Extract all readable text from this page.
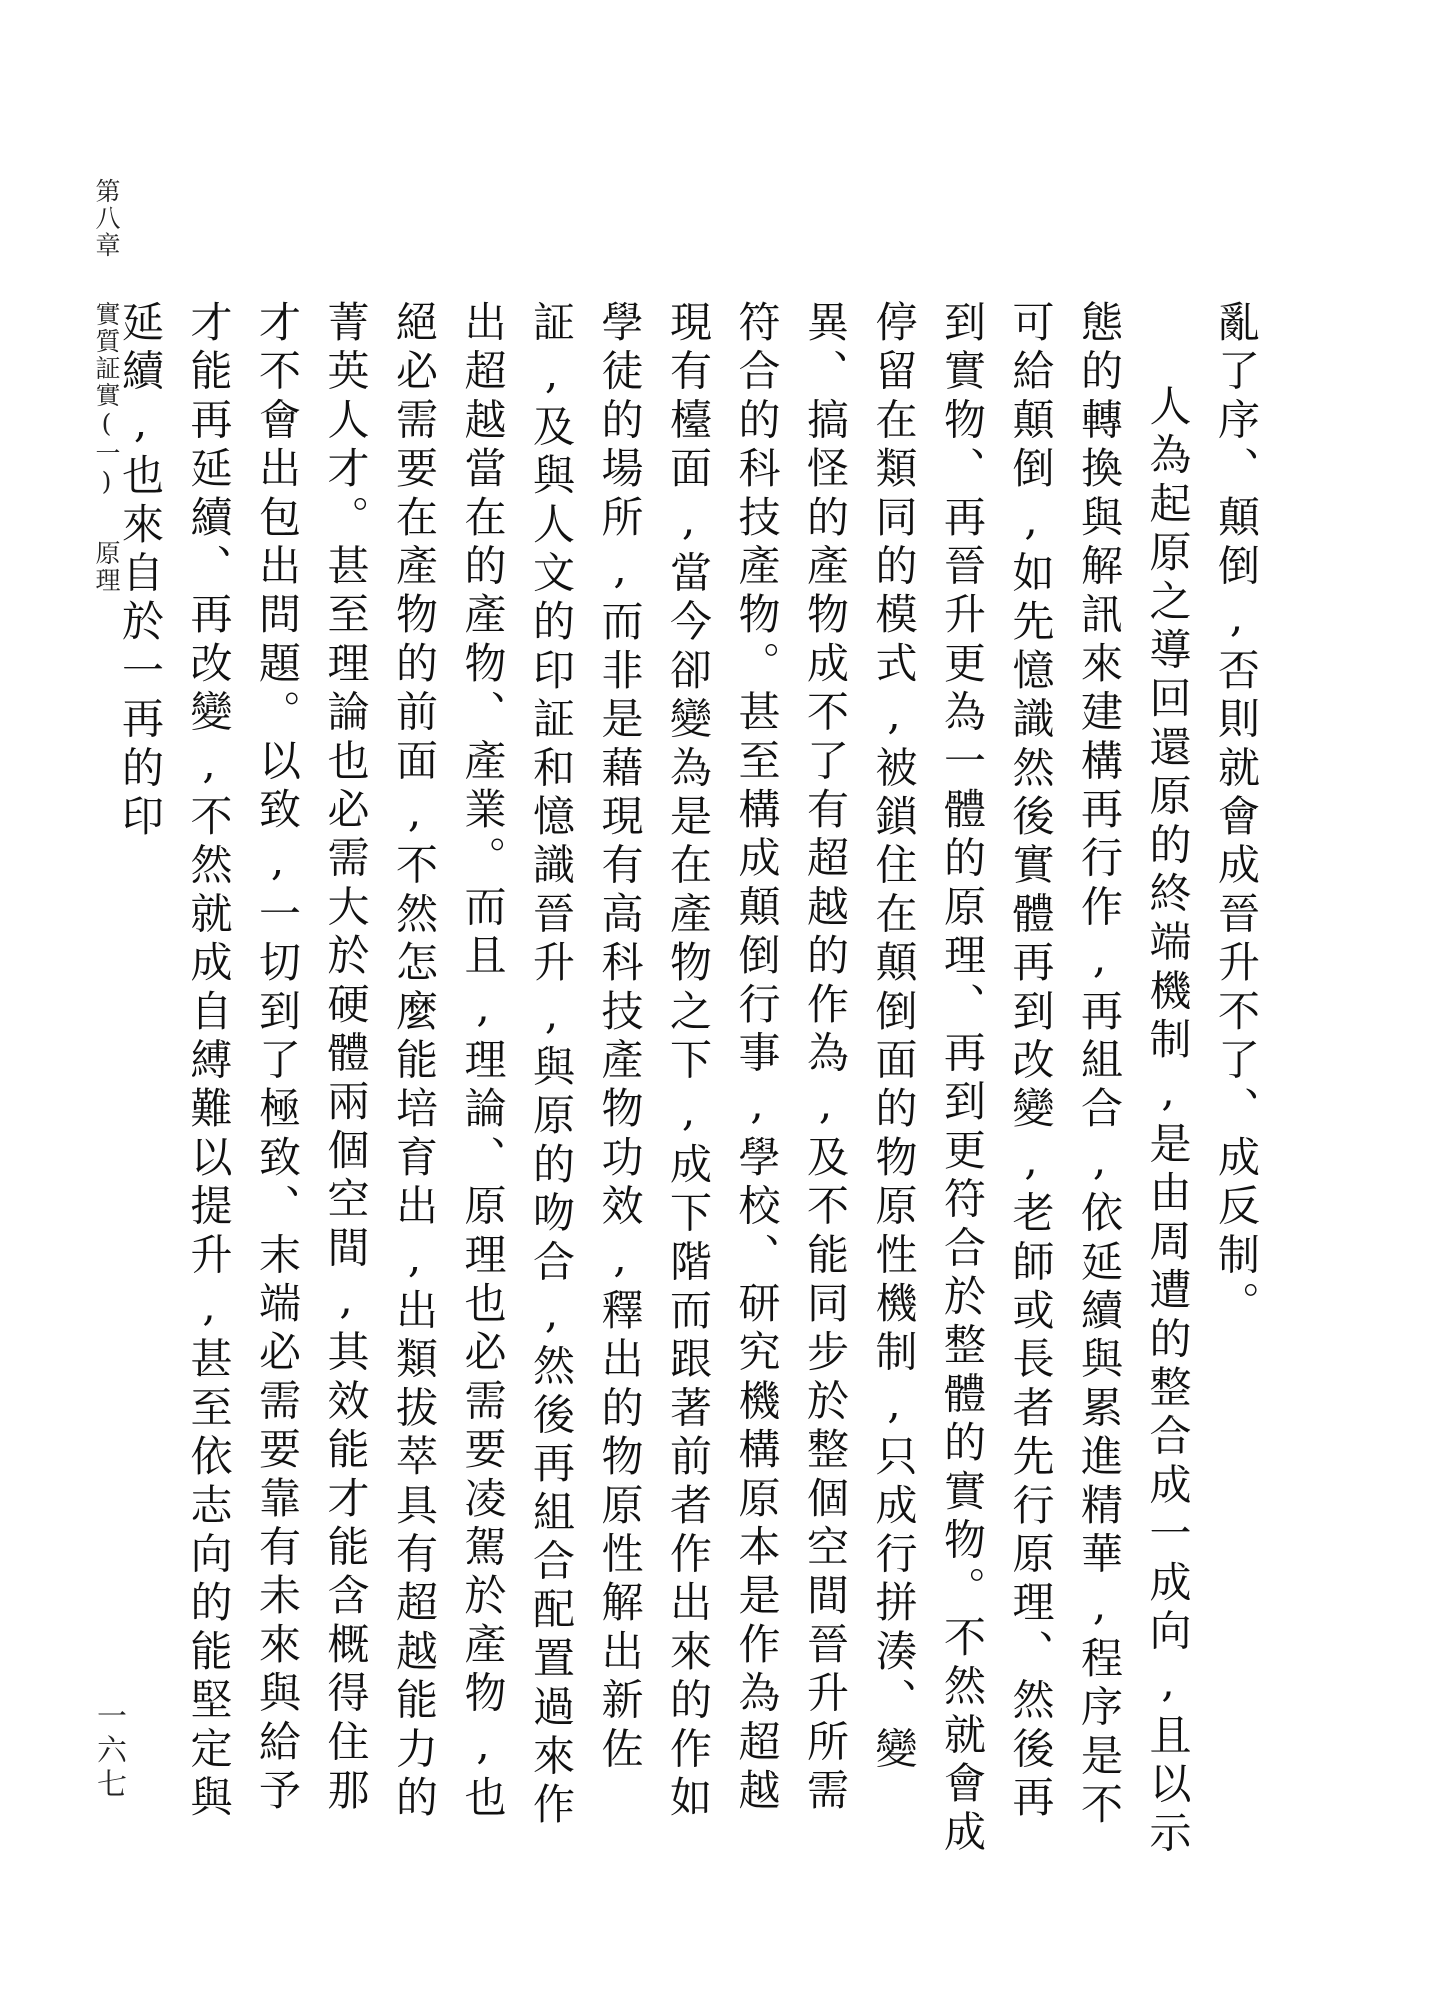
第八章實質証實(一)原理
一六七

亂了序、顛倒,否則就會成晉升不了、成反制。

人為起原之導回還原的終端機制,是由周遭的整合成一成向,且以示態的轉換與解訊來建構再行作,再組合,依延續與累進精華,程序是不可給顛倒,如先憶識然後實體再到改變,老師或長者先行原理、然後再到實物、再晉升更為一體的原理、再到更符合於整體的實物。不然就會成停留在類同的模式,被鎖住在顛倒面的物原性機制,只成行拼湊、變異、搞怪的產物成不了有超越的作為,及不能同步於整個空間晉升所需符合的科技產物。甚至構成顛倒行事,學校、研究機構原本是作為超越現有檯面,當今卻變為是在產物之下,成下階而跟著前者作出來的作如學徒的場所,而非是藉現有高科技產物功效,釋出的物原性解出新佐証,及與人文的印証和憶識晉升,與原的吻合,然後再組合配置過來作出超越當在的產物、產業。而且,理論、原理也必需要凌駕於產物,也絕必需要在產物的前面,不然怎麼能培育出,出類拔萃具有超越能力的菁英人才。甚至理論也必需大於硬體兩個空間,其效能才能含概得住那才不會出包出問題。以致,一切到了極致、末端必需要靠有未來與給予才能再延續、再改變,不然就成自縛難以提升,甚至依志向的能堅定與延續,也來自於一再的印
